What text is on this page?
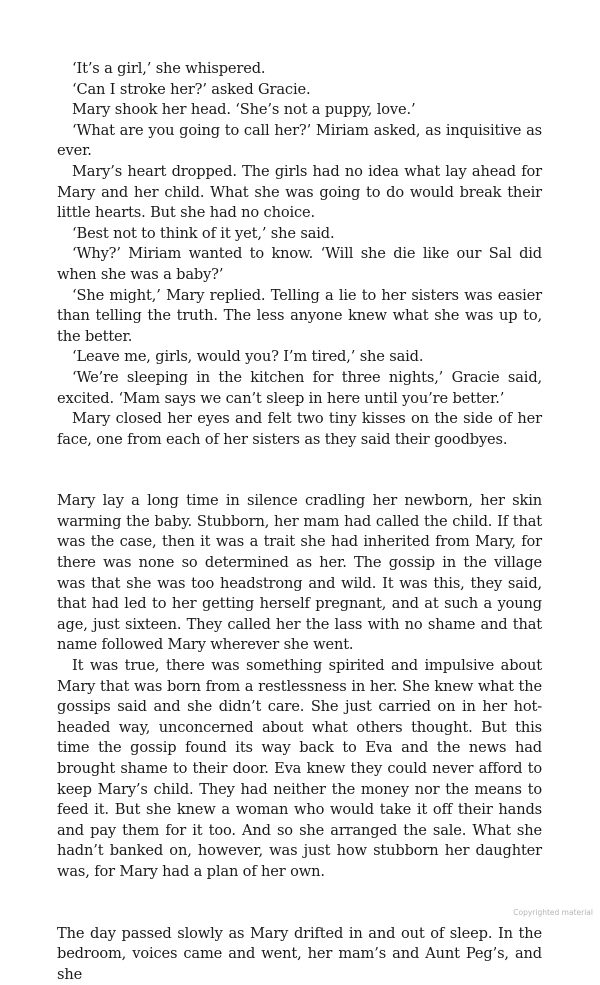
‘It’s a girl,’ she whispered.

‘Can I stroke her?’ asked Gracie.

Mary shook her head. ‘She’s not a puppy, love.’

‘What are you going to call her?’ Miriam asked, as inquisitive as ever.

Mary’s heart dropped. The girls had no idea what lay ahead for Mary and her child. What she was going to do would break their little hearts. But she had no choice.

‘Best not to think of it yet,’ she said.

‘Why?’ Miriam wanted to know. ‘Will she die like our Sal did when she was a baby?’

‘She might,’ Mary replied. Telling a lie to her sisters was easier than telling the truth. The less anyone knew what she was up to, the better.

‘Leave me, girls, would you? I’m tired,’ she said.

‘We’re sleeping in the kitchen for three nights,’ Gracie said, excited. ‘Mam says we can’t sleep in here until you’re better.’

Mary closed her eyes and felt two tiny kisses on the side of her face, one from each of her sisters as they said their goodbyes.

Mary lay a long time in silence cradling her newborn, her skin warming the baby. Stubborn, her mam had called the child. If that was the case, then it was a trait she had inherited from Mary, for there was none so determined as her. The gossip in the village was that she was too headstrong and wild. It was this, they said, that had led to her getting herself pregnant, and at such a young age, just sixteen. They called her the lass with no shame and that name followed Mary wherever she went.

It was true, there was something spirited and impulsive about Mary that was born from a restlessness in her. She knew what the gossips said and she didn’t care. She just carried on in her hot-headed way, unconcerned about what others thought. But this time the gossip found its way back to Eva and the news had brought shame to their door. Eva knew they could never afford to keep Mary’s child. They had neither the money nor the means to feed it. But she knew a woman who would take it off their hands and pay them for it too. And so she arranged the sale. What she hadn’t banked on, however, was just how stubborn her daughter was, for Mary had a plan of her own.

The day passed slowly as Mary drifted in and out of sleep. In the bedroom, voices came and went, her mam’s and Aunt Peg’s, and she

Copyrighted material
